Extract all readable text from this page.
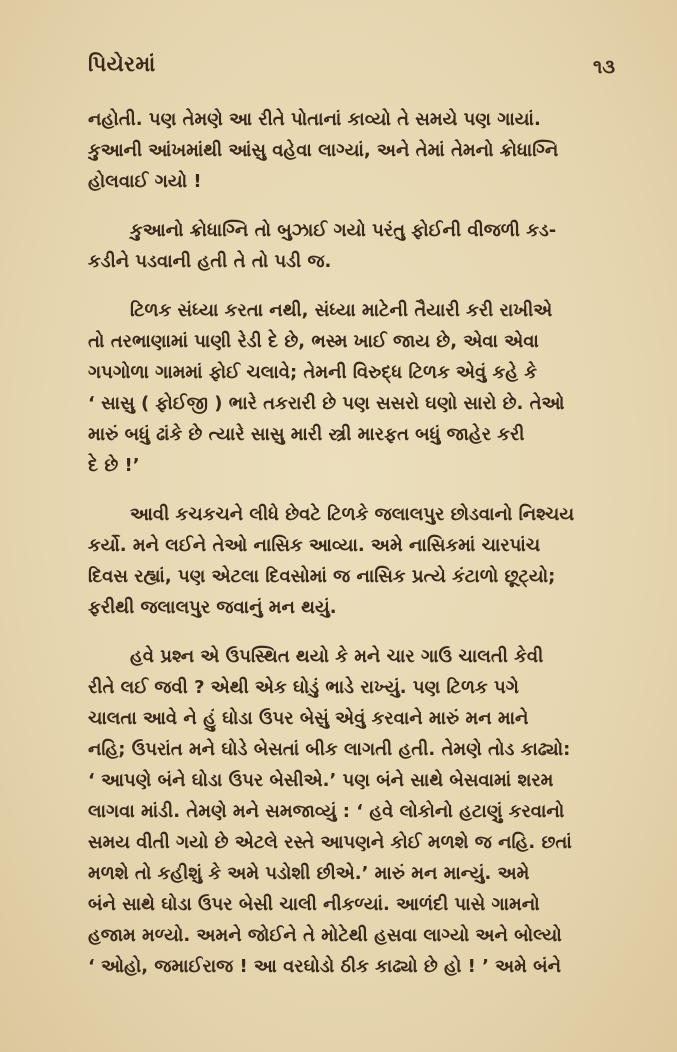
પિયેરમાં	૧૩

નહોતી. પણ તેમણે આ રીતે પોતાનાં કાવ્યો તે સમયે પણ ગાયાં.
કુઆની આંખમાંથી આંસુ વહેવા લાગ્યાં, અને તેમાં તેમનો ક્રોધાગ્નિ
હોલવાઈ ગયો !

કુઆનો ક્રોધાગ્નિ તો બુઝાઈ ગયો પરંતુ ફોઈની વીજળી કડ-
કડીને પડવાની હતી તે તો પડી જ.

ટિળક સંધ્યા કરતા નથી, સંધ્યા માટેની તૈયારી કરી રાખીએ
તો તરભાણામાં પાણી રેડી દે છે, ભસ્મ ખાઈ જાય છે, એવા એવા
ગપગોળા ગામમાં ફોઈ ચલાવે; તેમની વિરુદ્ધ ટિળક એવું કહે કે
‘ સાસુ ( ફોઈજી ) ભારે તકરારી છે પણ સસરો ઘણો સારો છે. તેઓ
મારું બધું ઢાંકે છે ત્યારે સાસુ મારી સ્ત્રી મારફત બધું જાહેર કરી
દે છે !’

આવી કચકચને લીધે છેવટે ટિળકે જલાલપુર છોડવાનો નિશ્ચય
કર્યો. મને લઈને તેઓ નાસિક આવ્યા. અમે નાસિકમાં ચારપાંચ
દિવસ રહ્યાં, પણ એટલા દિવસોમાં જ નાસિક પ્રત્યે કંટાળો છૂટ્યો;
ફરીથી જલાલપુર જવાનું મન થયું.

હવે પ્રશ્ન એ ઉપસ્થિત થયો કે મને ચાર ગાઉ ચાલતી કેવી
રીતે લઈ જવી ? એથી એક ઘોડું ભાડે રાખ્યું. પણ ટિળક પગે
ચાલતા આવે ને હું ઘોડા ઉપર બેસું એવું કરવાને મારું મન માને
નહિ; ઉપરાંત મને ઘોડે બેસતાં બીક લાગતી હતી. તેમણે તોડ કાઢ્યો:
‘ આપણે બંને ઘોડા ઉપર બેસીએ.’ પણ બંને સાથે બેસવામાં શરમ
લાગવા માંડી. તેમણે મને સમજાવ્યું : ‘ હવે લોકોનો હટાણું કરવાનો
સમય વીતી ગયો છે એટલે રસ્તે આપણને કોઈ મળશે જ નહિ. છતાં
મળશે તો કહીશું કે અમે પડોશી છીએ.’ મારું મન માન્યું. અમે
બંને સાથે ઘોડા ઉપર બેસી ચાલી નીકળ્યાં. આળંદી પાસે ગામનો
હજામ મળ્યો. અમને જોઈને તે મોટેથી હસવા લાગ્યો અને બોલ્યો
‘ ઓહો, જમાઈરાજ ! આ વરઘોડો ઠીક કાઢ્યો છે હો ! ’ અમે બંને
